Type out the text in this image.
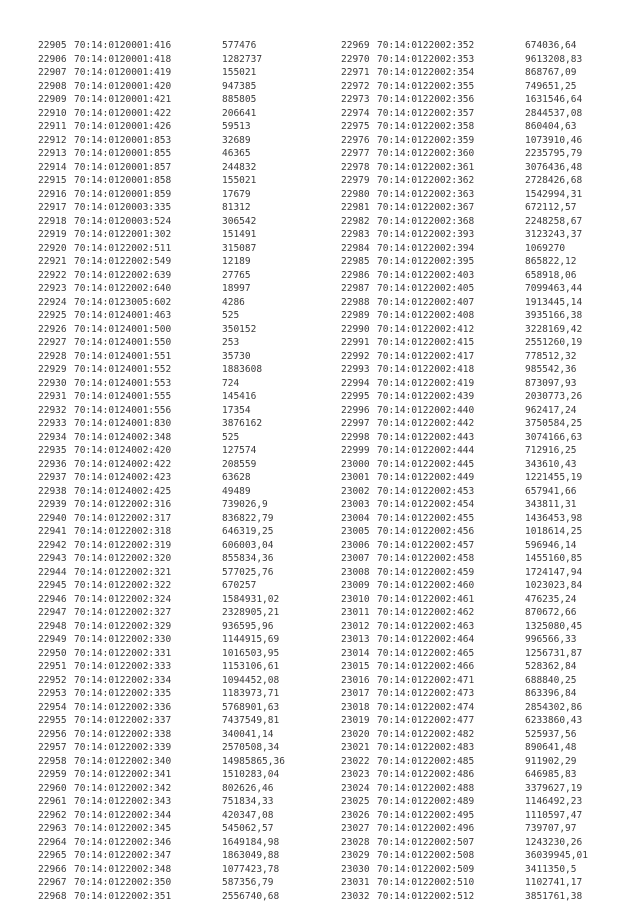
22905 70:14:0120001:416	577476
22906 70:14:0120001:418	1282737
22907 70:14:0120001:419	155021
22908 70:14:0120001:420	947385
22909 70:14:0120001:421	885805
22910 70:14:0120001:422	206641
22911 70:14:0120001:426	59513
22912 70:14:0120001:853	32689
22913 70:14:0120001:855	46365
22914 70:14:0120001:857	244832
22915 70:14:0120001:858	155021
22916 70:14:0120001:859	17679
22917 70:14:0120003:335	81312
22918 70:14:0120003:524	306542
22919 70:14:0122001:302	151491
22920 70:14:0122002:511	315087
22921 70:14:0122002:549	12189
22922 70:14:0122002:639	27765
22923 70:14:0122002:640	18997
22924 70:14:0123005:602	4286
22925 70:14:0124001:463	525
22926 70:14:0124001:500	350152
22927 70:14:0124001:550	253
22928 70:14:0124001:551	35730
22929 70:14:0124001:552	1883608
22930 70:14:0124001:553	724
22931 70:14:0124001:555	145416
22932 70:14:0124001:556	17354
22933 70:14:0124001:830	3876162
22934 70:14:0124002:348	525
22935 70:14:0124002:420	127574
22936 70:14:0124002:422	208559
22937 70:14:0124002:423	63628
22938 70:14:0124002:425	49489
22939 70:14:0122002:316	739026,9
22940 70:14:0122002:317	836822,79
22941 70:14:0122002:318	646319,25
22942 70:14:0122002:319	606003,04
22943 70:14:0122002:320	855834,36
22944 70:14:0122002:321	577025,76
22945 70:14:0122002:322	670257
22946 70:14:0122002:324	1584931,02
22947 70:14:0122002:327	2328905,21
22948 70:14:0122002:329	936595,96
22949 70:14:0122002:330	1144915,69
22950 70:14:0122002:331	1016503,95
22951 70:14:0122002:333	1153106,61
22952 70:14:0122002:334	1094452,08
22953 70:14:0122002:335	1183973,71
22954 70:14:0122002:336	5768901,63
22955 70:14:0122002:337	7437549,81
22956 70:14:0122002:338	340041,14
22957 70:14:0122002:339	2570508,34
22958 70:14:0122002:340	14985865,36
22959 70:14:0122002:341	1510283,04
22960 70:14:0122002:342	802626,46
22961 70:14:0122002:343	751834,33
22962 70:14:0122002:344	420347,08
22963 70:14:0122002:345	545062,57
22964 70:14:0122002:346	1649184,98
22965 70:14:0122002:347	1863049,88
22966 70:14:0122002:348	1077423,78
22967 70:14:0122002:350	587356,79
22968 70:14:0122002:351	2556740,68
22969 70:14:0122002:352	674036,64
22970 70:14:0122002:353	9613208,83
22971 70:14:0122002:354	868767,09
22972 70:14:0122002:355	749651,25
22973 70:14:0122002:356	1631546,64
22974 70:14:0122002:357	2844537,08
22975 70:14:0122002:358	860404,63
22976 70:14:0122002:359	1073910,46
22977 70:14:0122002:360	2235795,79
22978 70:14:0122002:361	3076436,48
22979 70:14:0122002:362	2728426,68
22980 70:14:0122002:363	1542994,31
22981 70:14:0122002:367	672112,57
22982 70:14:0122002:368	2248258,67
22983 70:14:0122002:393	3123243,37
22984 70:14:0122002:394	1069270
22985 70:14:0122002:395	865822,12
22986 70:14:0122002:403	658918,06
22987 70:14:0122002:405	7099463,44
22988 70:14:0122002:407	1913445,14
22989 70:14:0122002:408	3935166,38
22990 70:14:0122002:412	3228169,42
22991 70:14:0122002:415	2551260,19
22992 70:14:0122002:417	778512,32
22993 70:14:0122002:418	985542,36
22994 70:14:0122002:419	873097,93
22995 70:14:0122002:439	2030773,26
22996 70:14:0122002:440	962417,24
22997 70:14:0122002:442	3750584,25
22998 70:14:0122002:443	3074166,63
22999 70:14:0122002:444	712916,25
23000 70:14:0122002:445	343610,43
23001 70:14:0122002:449	1221455,19
23002 70:14:0122002:453	657941,66
23003 70:14:0122002:454	343811,31
23004 70:14:0122002:455	1436453,98
23005 70:14:0122002:456	1018614,25
23006 70:14:0122002:457	596946,14
23007 70:14:0122002:458	1455160,85
23008 70:14:0122002:459	1724147,94
23009 70:14:0122002:460	1023023,84
23010 70:14:0122002:461	476235,24
23011 70:14:0122002:462	870672,66
23012 70:14:0122002:463	1325080,45
23013 70:14:0122002:464	996566,33
23014 70:14:0122002:465	1256731,87
23015 70:14:0122002:466	528362,84
23016 70:14:0122002:471	688840,25
23017 70:14:0122002:473	863396,84
23018 70:14:0122002:474	2854302,86
23019 70:14:0122002:477	6233860,43
23020 70:14:0122002:482	525937,56
23021 70:14:0122002:483	890641,48
23022 70:14:0122002:485	911902,29
23023 70:14:0122002:486	646985,83
23024 70:14:0122002:488	3379627,19
23025 70:14:0122002:489	1146492,23
23026 70:14:0122002:495	1110597,47
23027 70:14:0122002:496	739707,97
23028 70:14:0122002:507	1243230,26
23029 70:14:0122002:508	36039945,01
23030 70:14:0122002:509	3411350,5
23031 70:14:0122002:510	1102741,17
23032 70:14:0122002:512	3851761,38
